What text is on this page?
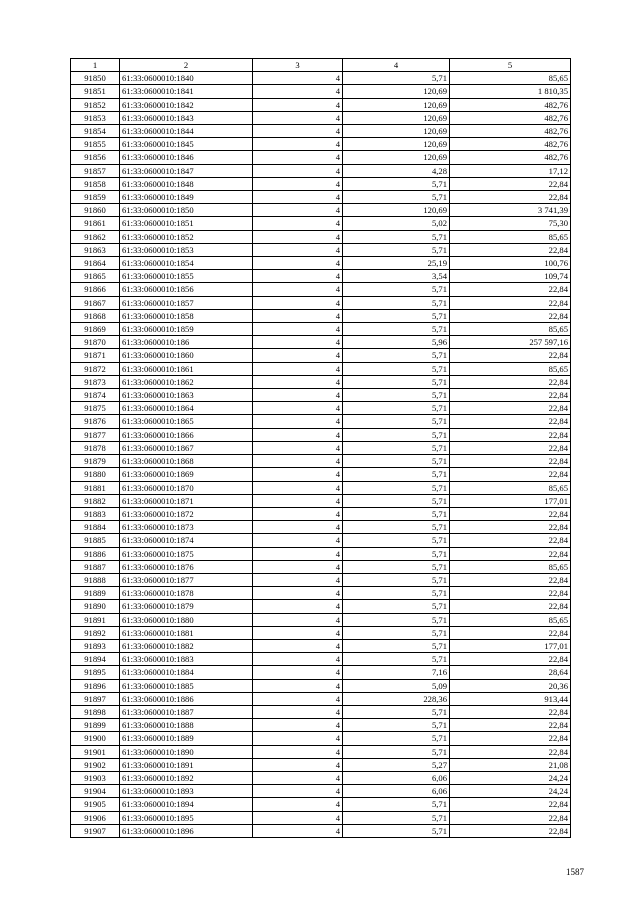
1	2	3	4	5
91850	61:33:0600010:1840	4	5,71	85,65
91851	61:33:0600010:1841	4	120,69	1 810,35
91852	61:33:0600010:1842	4	120,69	482,76
91853	61:33:0600010:1843	4	120,69	482,76
91854	61:33:0600010:1844	4	120,69	482,76
91855	61:33:0600010:1845	4	120,69	482,76
91856	61:33:0600010:1846	4	120,69	482,76
91857	61:33:0600010:1847	4	4,28	17,12
91858	61:33:0600010:1848	4	5,71	22,84
91859	61:33:0600010:1849	4	5,71	22,84
91860	61:33:0600010:1850	4	120,69	3 741,39
91861	61:33:0600010:1851	4	5,02	75,30
91862	61:33:0600010:1852	4	5,71	85,65
91863	61:33:0600010:1853	4	5,71	22,84
91864	61:33:0600010:1854	4	25,19	100,76
91865	61:33:0600010:1855	4	3,54	109,74
91866	61:33:0600010:1856	4	5,71	22,84
91867	61:33:0600010:1857	4	5,71	22,84
91868	61:33:0600010:1858	4	5,71	22,84
91869	61:33:0600010:1859	4	5,71	85,65
91870	61:33:0600010:186	4	5,96	257 597,16
91871	61:33:0600010:1860	4	5,71	22,84
91872	61:33:0600010:1861	4	5,71	85,65
91873	61:33:0600010:1862	4	5,71	22,84
91874	61:33:0600010:1863	4	5,71	22,84
91875	61:33:0600010:1864	4	5,71	22,84
91876	61:33:0600010:1865	4	5,71	22,84
91877	61:33:0600010:1866	4	5,71	22,84
91878	61:33:0600010:1867	4	5,71	22,84
91879	61:33:0600010:1868	4	5,71	22,84
91880	61:33:0600010:1869	4	5,71	22,84
91881	61:33:0600010:1870	4	5,71	85,65
91882	61:33:0600010:1871	4	5,71	177,01
91883	61:33:0600010:1872	4	5,71	22,84
91884	61:33:0600010:1873	4	5,71	22,84
91885	61:33:0600010:1874	4	5,71	22,84
91886	61:33:0600010:1875	4	5,71	22,84
91887	61:33:0600010:1876	4	5,71	85,65
91888	61:33:0600010:1877	4	5,71	22,84
91889	61:33:0600010:1878	4	5,71	22,84
91890	61:33:0600010:1879	4	5,71	22,84
91891	61:33:0600010:1880	4	5,71	85,65
91892	61:33:0600010:1881	4	5,71	22,84
91893	61:33:0600010:1882	4	5,71	177,01
91894	61:33:0600010:1883	4	5,71	22,84
91895	61:33:0600010:1884	4	7,16	28,64
91896	61:33:0600010:1885	4	5,09	20,36
91897	61:33:0600010:1886	4	228,36	913,44
91898	61:33:0600010:1887	4	5,71	22,84
91899	61:33:0600010:1888	4	5,71	22,84
91900	61:33:0600010:1889	4	5,71	22,84
91901	61:33:0600010:1890	4	5,71	22,84
91902	61:33:0600010:1891	4	5,27	21,08
91903	61:33:0600010:1892	4	6,06	24,24
91904	61:33:0600010:1893	4	6,06	24,24
91905	61:33:0600010:1894	4	5,71	22,84
91906	61:33:0600010:1895	4	5,71	22,84
91907	61:33:0600010:1896	4	5,71	22,84
1587
